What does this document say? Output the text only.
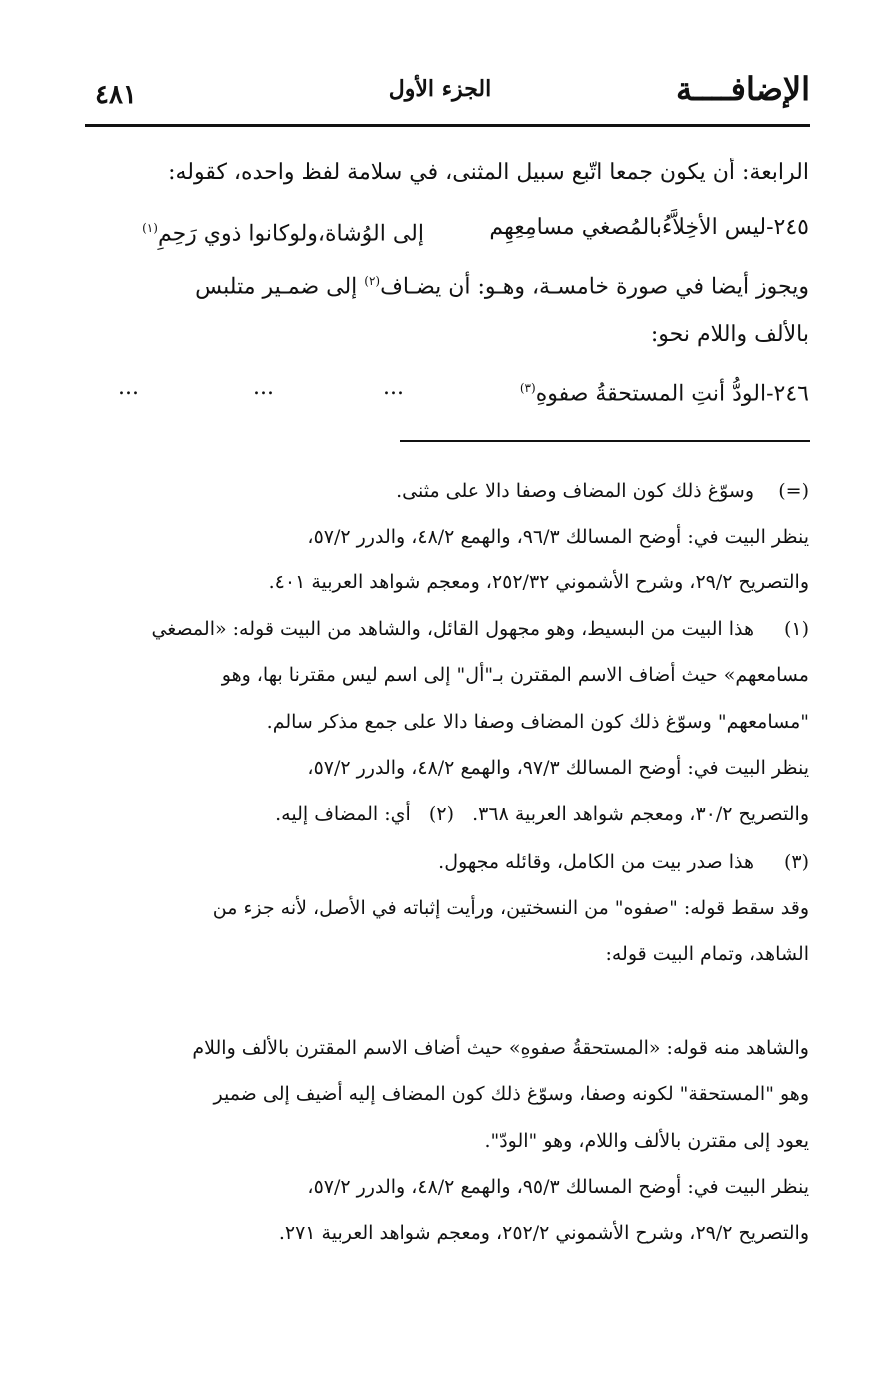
الإضافــــة
الجزء الأول
٤٨١
الرابعة: أن يكون جمعا اتّبع سبيل المثنى، في سلامة لفظ واحده، كقوله:
٢٤٥-ليس الأخِلاَّءُبالمُصغي مسامِعِهِم
إلى الوُشاة،ولوكانوا ذوي رَحِمِ$^{(١)}$
ويجوز أيضا في صورة خامسـة، وهـو: أن يضـاف$^{(٢)}$ إلى ضمـير متلبس
بالألف واللام نحو:
٢٤٦-الودُّ أنتِ المستحقةُ صفوهِ$^{(٣)}$
...
...
...
(=)
وسوّغ ذلك كون المضاف وصفا دالا على مثنى.
ينظر البيت في: أوضح المسالك ٩٦/٣، والهمع ٤٨/٢، والدرر ٥٧/٢،
والتصريح ٢٩/٢، وشرح الأشموني ٢٥٢/٣٢، ومعجم شواهد العربية ٤٠١.
(١)
هذا البيت من البسيط، وهو مجهول القائل، والشاهد من البيت قوله: «المصغي
مسامعهم» حيث أضاف الاسم المقترن بـ"أل" إلى اسم ليس مقترنا بها، وهو
"مسامعهم" وسوّغ ذلك كون المضاف وصفا دالا على جمع مذكر سالم.
ينظر البيت في: أوضح المسالك ٩٧/٣، والهمع ٤٨/٢، والدرر ٥٧/٢،
والتصريح ٣٠/٢، ومعجم شواهد العربية ٣٦٨.   (٢)   أي: المضاف إليه.
(٣)
هذا صدر بيت من الكامل، وقائله مجهول.
وقد سقط قوله: "صفوه" من النسختين، ورأيت إثباته في الأصل، لأنه جزء من
الشاهد، وتمام البيت قوله:
والشاهد منه قوله: «المستحقةُ صفوهِ» حيث أضاف الاسم المقترن بالألف واللام
وهو "المستحقة" لكونه وصفا، وسوّغ ذلك كون المضاف إليه أضيف إلى ضمير
يعود إلى مقترن بالألف واللام، وهو "الودّ".
ينظر البيت في: أوضح المسالك ٩٥/٣، والهمع ٤٨/٢، والدرر ٥٧/٢،
والتصريح ٢٩/٢، وشرح الأشموني ٢٥٢/٢، ومعجم شواهد العربية ٢٧١.
